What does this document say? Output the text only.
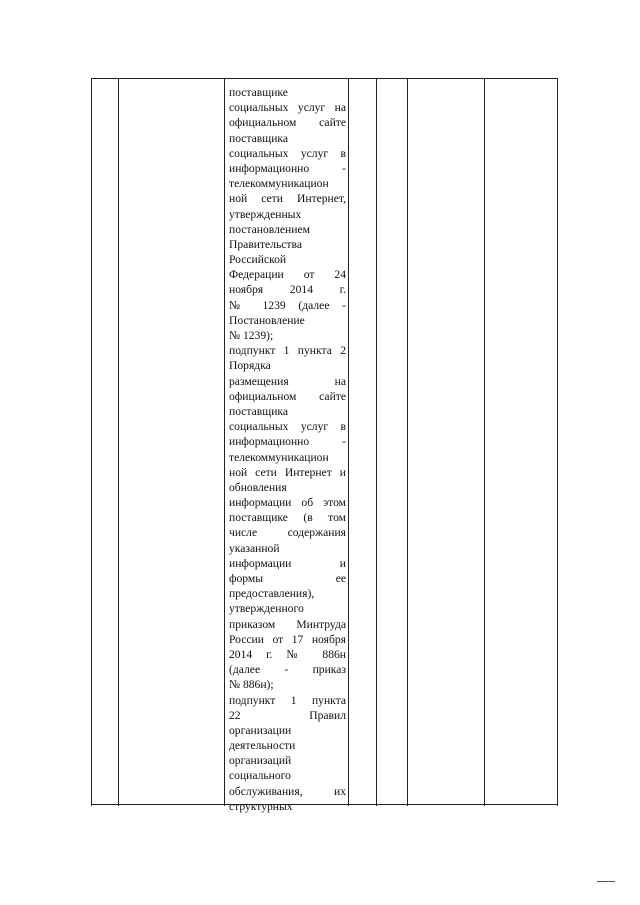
поставщике
социальных услуг на
официальном сайте
поставщика
социальных услуг в
информационно -
телекоммуникацион
ной сети Интернет,
утвержденных
постановлением
Правительства
Российской
Федерации от 24
ноября 2014 г.
№ 1239 (далее -
Постановление
№ 1239);
подпункт 1 пункта 2
Порядка
размещения на
официальном сайте
поставщика
социальных услуг в
информационно -
телекоммуникацион
ной сети Интернет и
обновления
информации об этом
поставщике (в том
числе содержания
указанной
информации и
формы ее
предоставления),
утвержденного
приказом Минтруда
России от 17 ноября
2014 г. № 886н
(далее - приказ
№ 886н);
подпункт 1 пункта
22 Правил
организации
деятельности
организаций
социального
обслуживания, их
структурных
